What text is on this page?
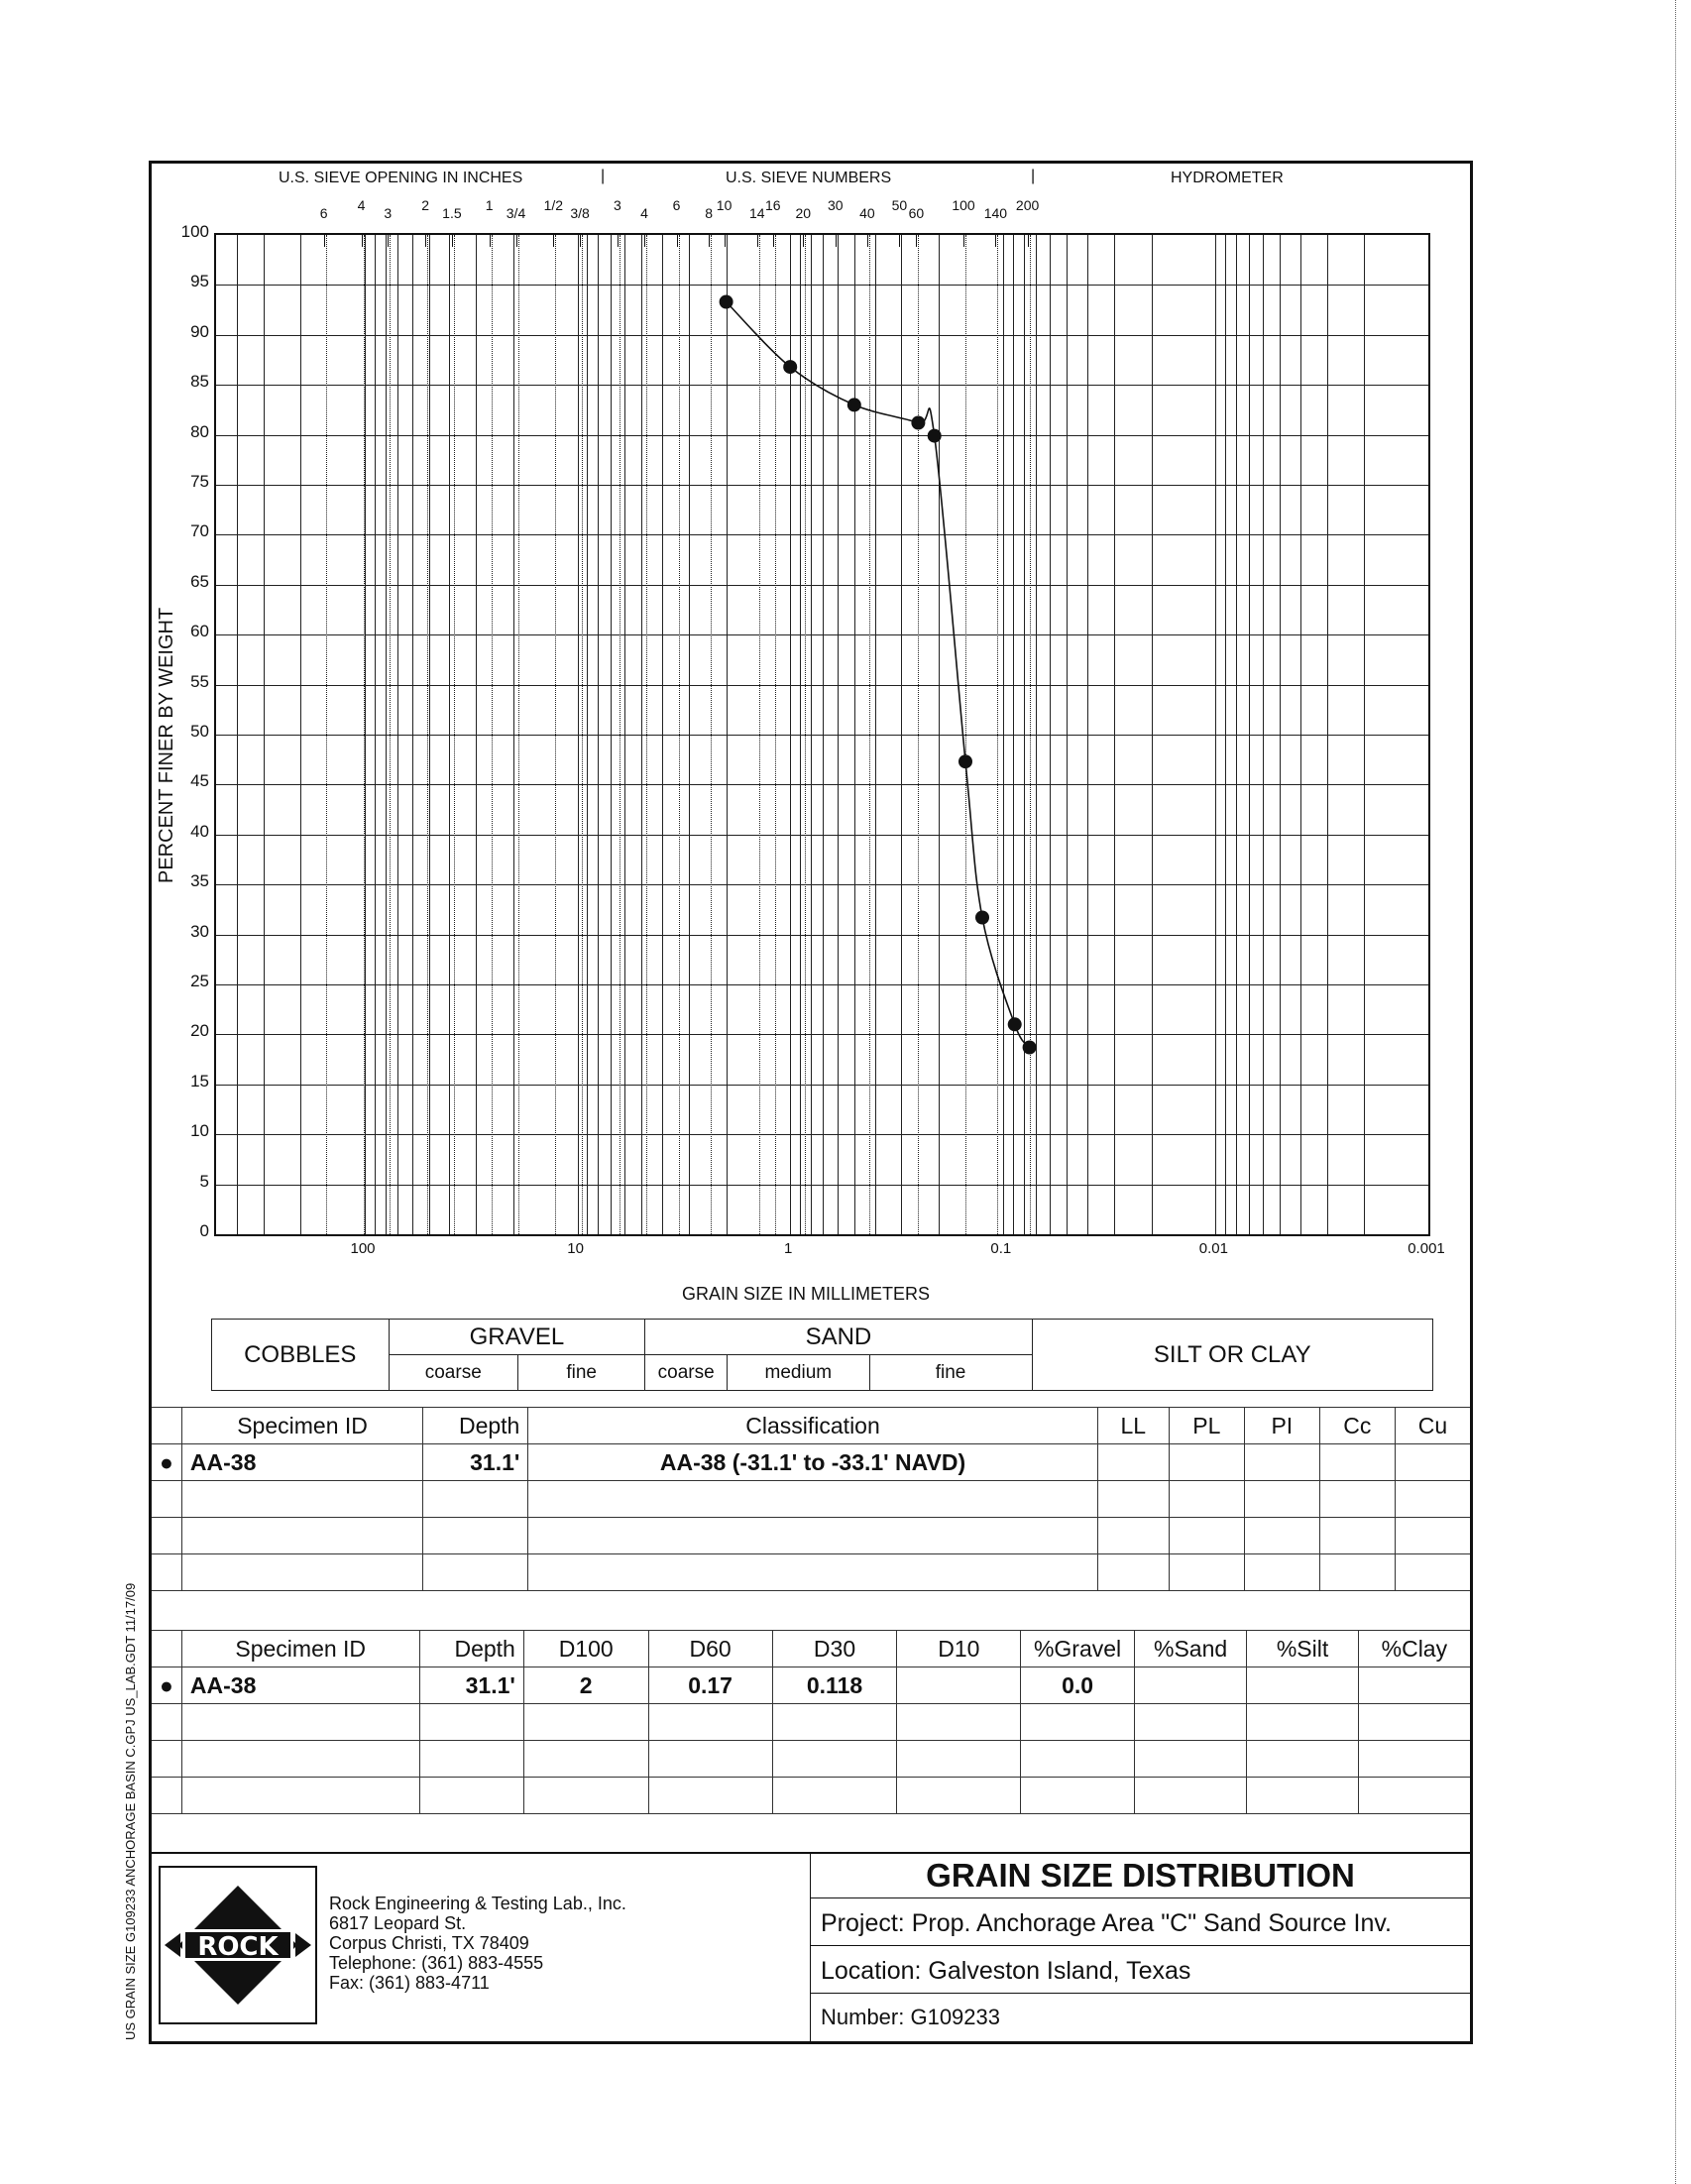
US GRAIN SIZE G109233 ANCHORAGE BASIN C.GPJ US_LAB.GDT 11/17/09
U.S. SIEVE OPENING IN INCHES	|	U.S. SIEVE NUMBERS	|	HYDROMETER
6	4	3	2 1.5	1 3/4	1/2 3/8	3	4	6	8 10	14 16	20	30	40	50 60	100 140 200
0
5
10
15
20
25
30
35
40
45
50
55
60
65
70
75
80
85
90
95
100
PERCENT FINER BY WEIGHT
100	10	1	0.1	0.01	0.001
GRAIN SIZE IN MILLIMETERS
COBBLES	GRAVEL		SAND			SILT OR CLAY
	coarse	fine	coarse	medium	fine	
	Specimen ID	Depth	Classification	LL	PL	PI	Cc	Cu
●	AA-38	31.1'	AA-38 (-31.1' to -33.1' NAVD)					

	Specimen ID	Depth	D100	D60	D30	D10	%Gravel	%Sand	%Silt	%Clay
●	AA-38	31.1'	2	0.17	0.118		0.0			

ROCK
Rock Engineering & Testing Lab., Inc.
6817 Leopard St.
Corpus Christi, TX 78409
Telephone: (361) 883-4555
Fax: (361) 883-4711
GRAIN SIZE DISTRIBUTION
Project: Prop. Anchorage Area "C" Sand Source Inv.
Location: Galveston Island, Texas
Number: G109233
